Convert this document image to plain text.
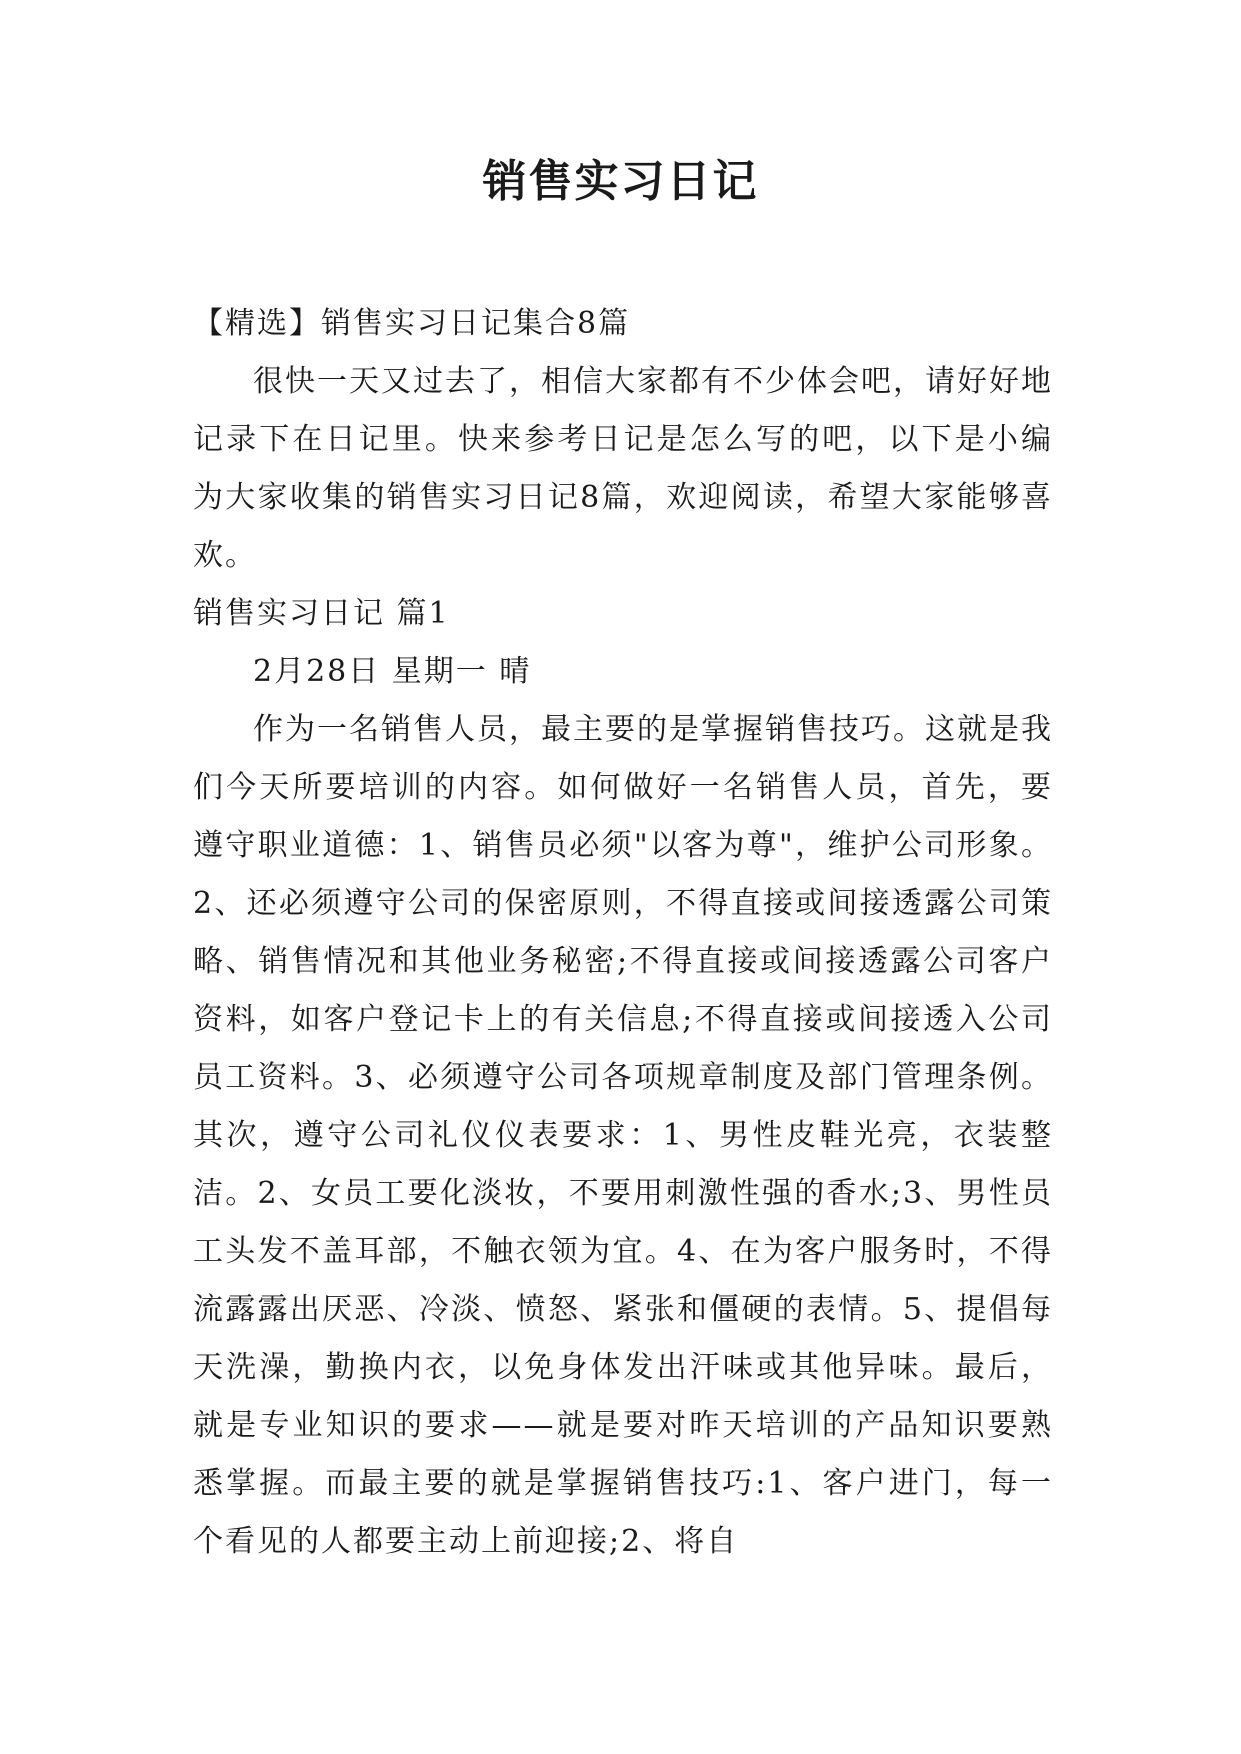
销售实习日记

【精选】销售实习日记集合8篇

很快一天又过去了，相信大家都有不少体会吧，请好好地记录下在日记里。快来参考日记是怎么写的吧，以下是小编为大家收集的销售实习日记8篇，欢迎阅读，希望大家能够喜欢。

销售实习日记 篇1

2月28日 星期一 晴

作为一名销售人员，最主要的是掌握销售技巧。这就是我们今天所要培训的内容。如何做好一名销售人员，首先，要遵守职业道德：1、销售员必须"以客为尊"，维护公司形象。2、还必须遵守公司的保密原则，不得直接或间接透露公司策略、销售情况和其他业务秘密;不得直接或间接透露公司客户资料，如客户登记卡上的有关信息;不得直接或间接透入公司员工资料。3、必须遵守公司各项规章制度及部门管理条例。其次，遵守公司礼仪仪表要求：1、男性皮鞋光亮，衣装整洁。2、女员工要化淡妆，不要用刺激性强的香水;3、男性员工头发不盖耳部，不触衣领为宜。4、在为客户服务时，不得流露露出厌恶、冷淡、愤怒、紧张和僵硬的表情。5、提倡每天洗澡，勤换内衣，以免身体发出汗味或其他异味。最后，就是专业知识的要求——就是要对昨天培训的产品知识要熟悉掌握。而最主要的就是掌握销售技巧:1、客户进门，每一个看见的人都要主动上前迎接;2、将自
